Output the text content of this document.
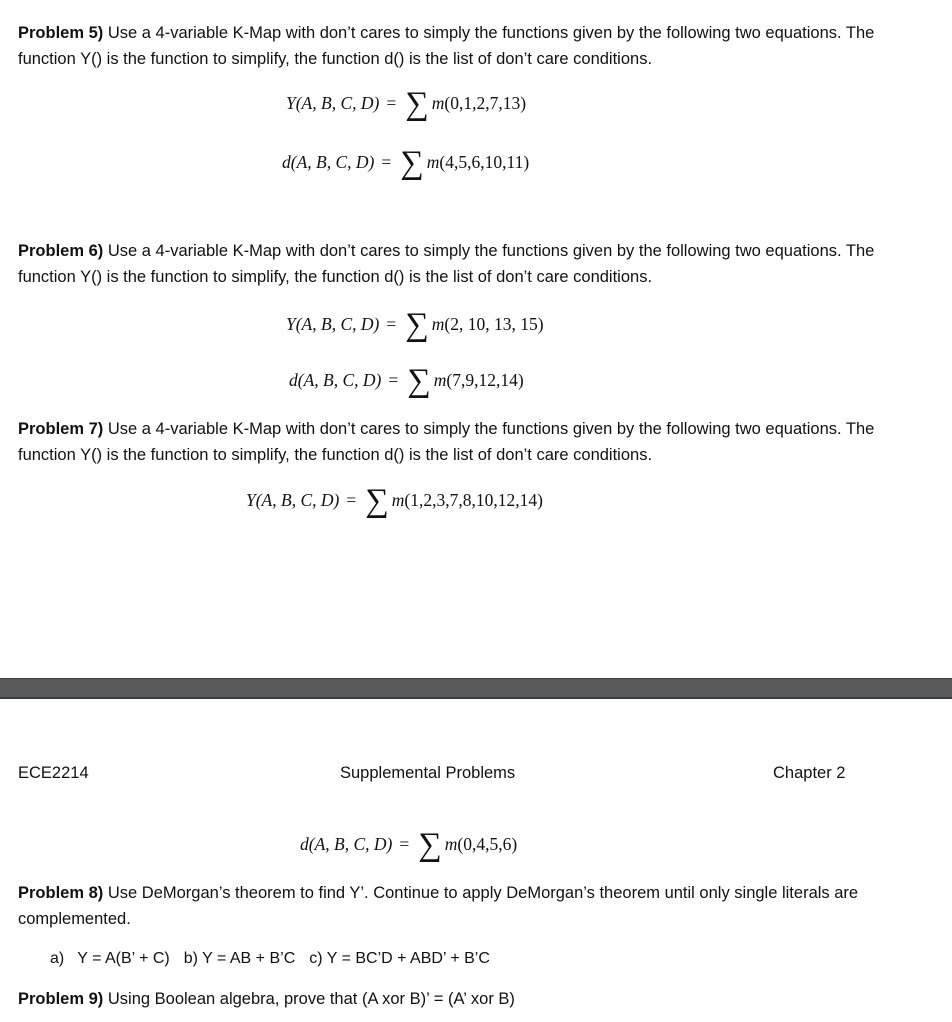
Problem 5) Use a 4-variable K-Map with don’t cares to simply the functions given by the following two equations. The function Y() is the function to simplify, the function d() is the list of don’t care conditions.

Y(A, B, C, D) = ∑ m (0,1,2,7,13)
d(A, B, C, D) = ∑ m (4,5,6,10,11)

Problem 6) Use a 4-variable K-Map with don’t cares to simply the functions given by the following two equations. The function Y() is the function to simplify, the function d() is the list of don’t care conditions.

Y(A, B, C, D) = ∑ m (2, 10, 13, 15)
d(A, B, C, D) = ∑ m (7,9,12,14)

Problem 7) Use a 4-variable K-Map with don’t cares to simply the functions given by the following two equations. The function Y() is the function to simplify, the function d() is the list of don’t care conditions.

Y(A, B, C, D) = ∑ m (1,2,3,7,8,10,12,14)
ECE2214	Supplemental Problems	Chapter 2
d(A, B, C, D) = ∑ m (0,4,5,6)

Problem 8) Use DeMorgan’s theorem to find Y’. Continue to apply DeMorgan’s theorem until only single literals are complemented.

a)   Y = A(B’ + C) b) Y = AB + B’C c) Y = BC’D + ABD’ + B’C

Problem 9) Using Boolean algebra, prove that (A xor B)’ = (A’ xor B)
